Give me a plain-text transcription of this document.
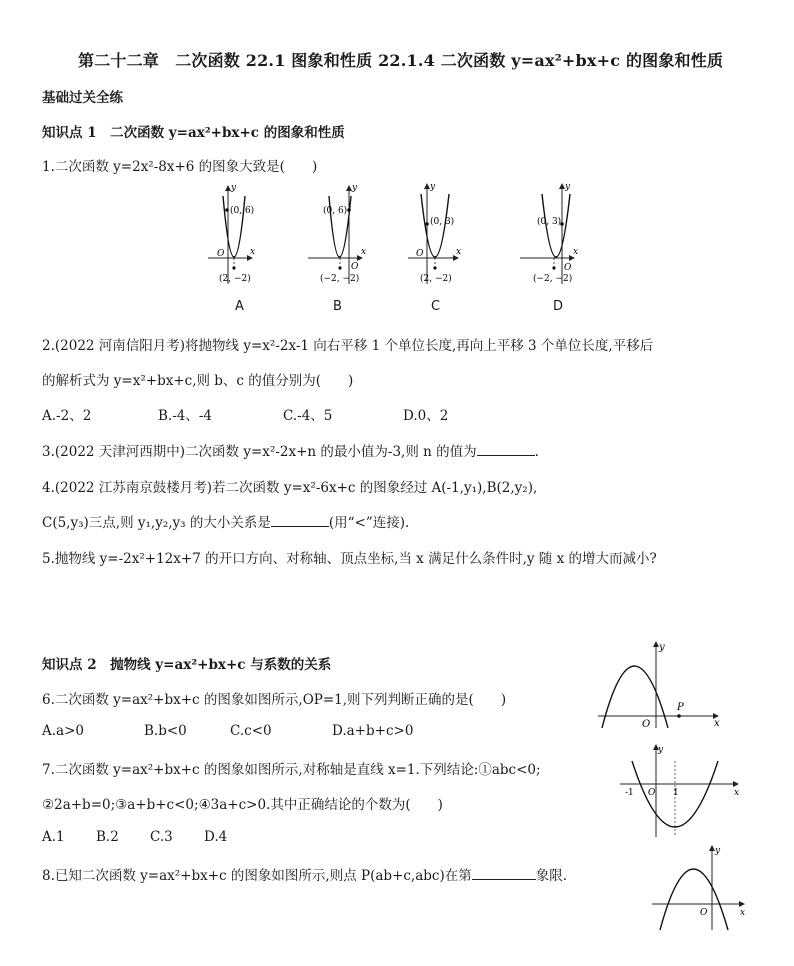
第二十二章　二次函数 22.1 图象和性质 22.1.4 二次函数 y=ax²+bx+c 的图象和性质
基础过关全练
知识点 1　二次函数 y=ax²+bx+c 的图象和性质
1.二次函数 y=2x²-8x+6 的图象大致是(　　)
y
x
O
(0, 6)
(2, −2)
y
x
O
(0, 6)
(−2, −2)
y
x
O
(0, 3)
(2, −2)
y
x
O
(0, 3)
(−2, −2)
A	B	C	D
2.(2022 河南信阳月考)将抛物线 y=x²-2x-1 向右平移 1 个单位长度,再向上平移 3 个单位长度,平移后
的解析式为 y=x²+bx+c,则 b、c 的值分别为(　　)
A.-2、2	B.-4、-4	C.-4、5	D.0、2
3.(2022 天津河西期中)二次函数 y=x²-2x+n 的最小值为-3,则 n 的值为	.
4.(2022 江苏南京鼓楼月考)若二次函数 y=x²-6x+c 的图象经过 A(-1,y₁),B(2,y₂),
C(5,y₃)三点,则 y₁,y₂,y₃ 的大小关系是	(用“<”连接).
5.抛物线 y=-2x²+12x+7 的开口方向、对称轴、顶点坐标,当 x 满足什么条件时,y 随 x 的增大而减小?
知识点 2　抛物线 y=ax²+bx+c 与系数的关系
6.二次函数 y=ax²+bx+c 的图象如图所示,OP=1,则下列判断正确的是(　　)
A.a>0	B.b<0	C.c<0	D.a+b+c>0
y
x
O
P
7.二次函数 y=ax²+bx+c 的图象如图所示,对称轴是直线 x=1.下列结论:①abc<0;
②2a+b=0;③a+b+c<0;④3a+c>0.其中正确结论的个数为(　　)
A.1 B.2 C.3 D.4
y
x
-1 O 1
8.已知二次函数 y=ax²+bx+c 的图象如图所示,则点 P(ab+c,abc)在第	象限.
y
x
O
